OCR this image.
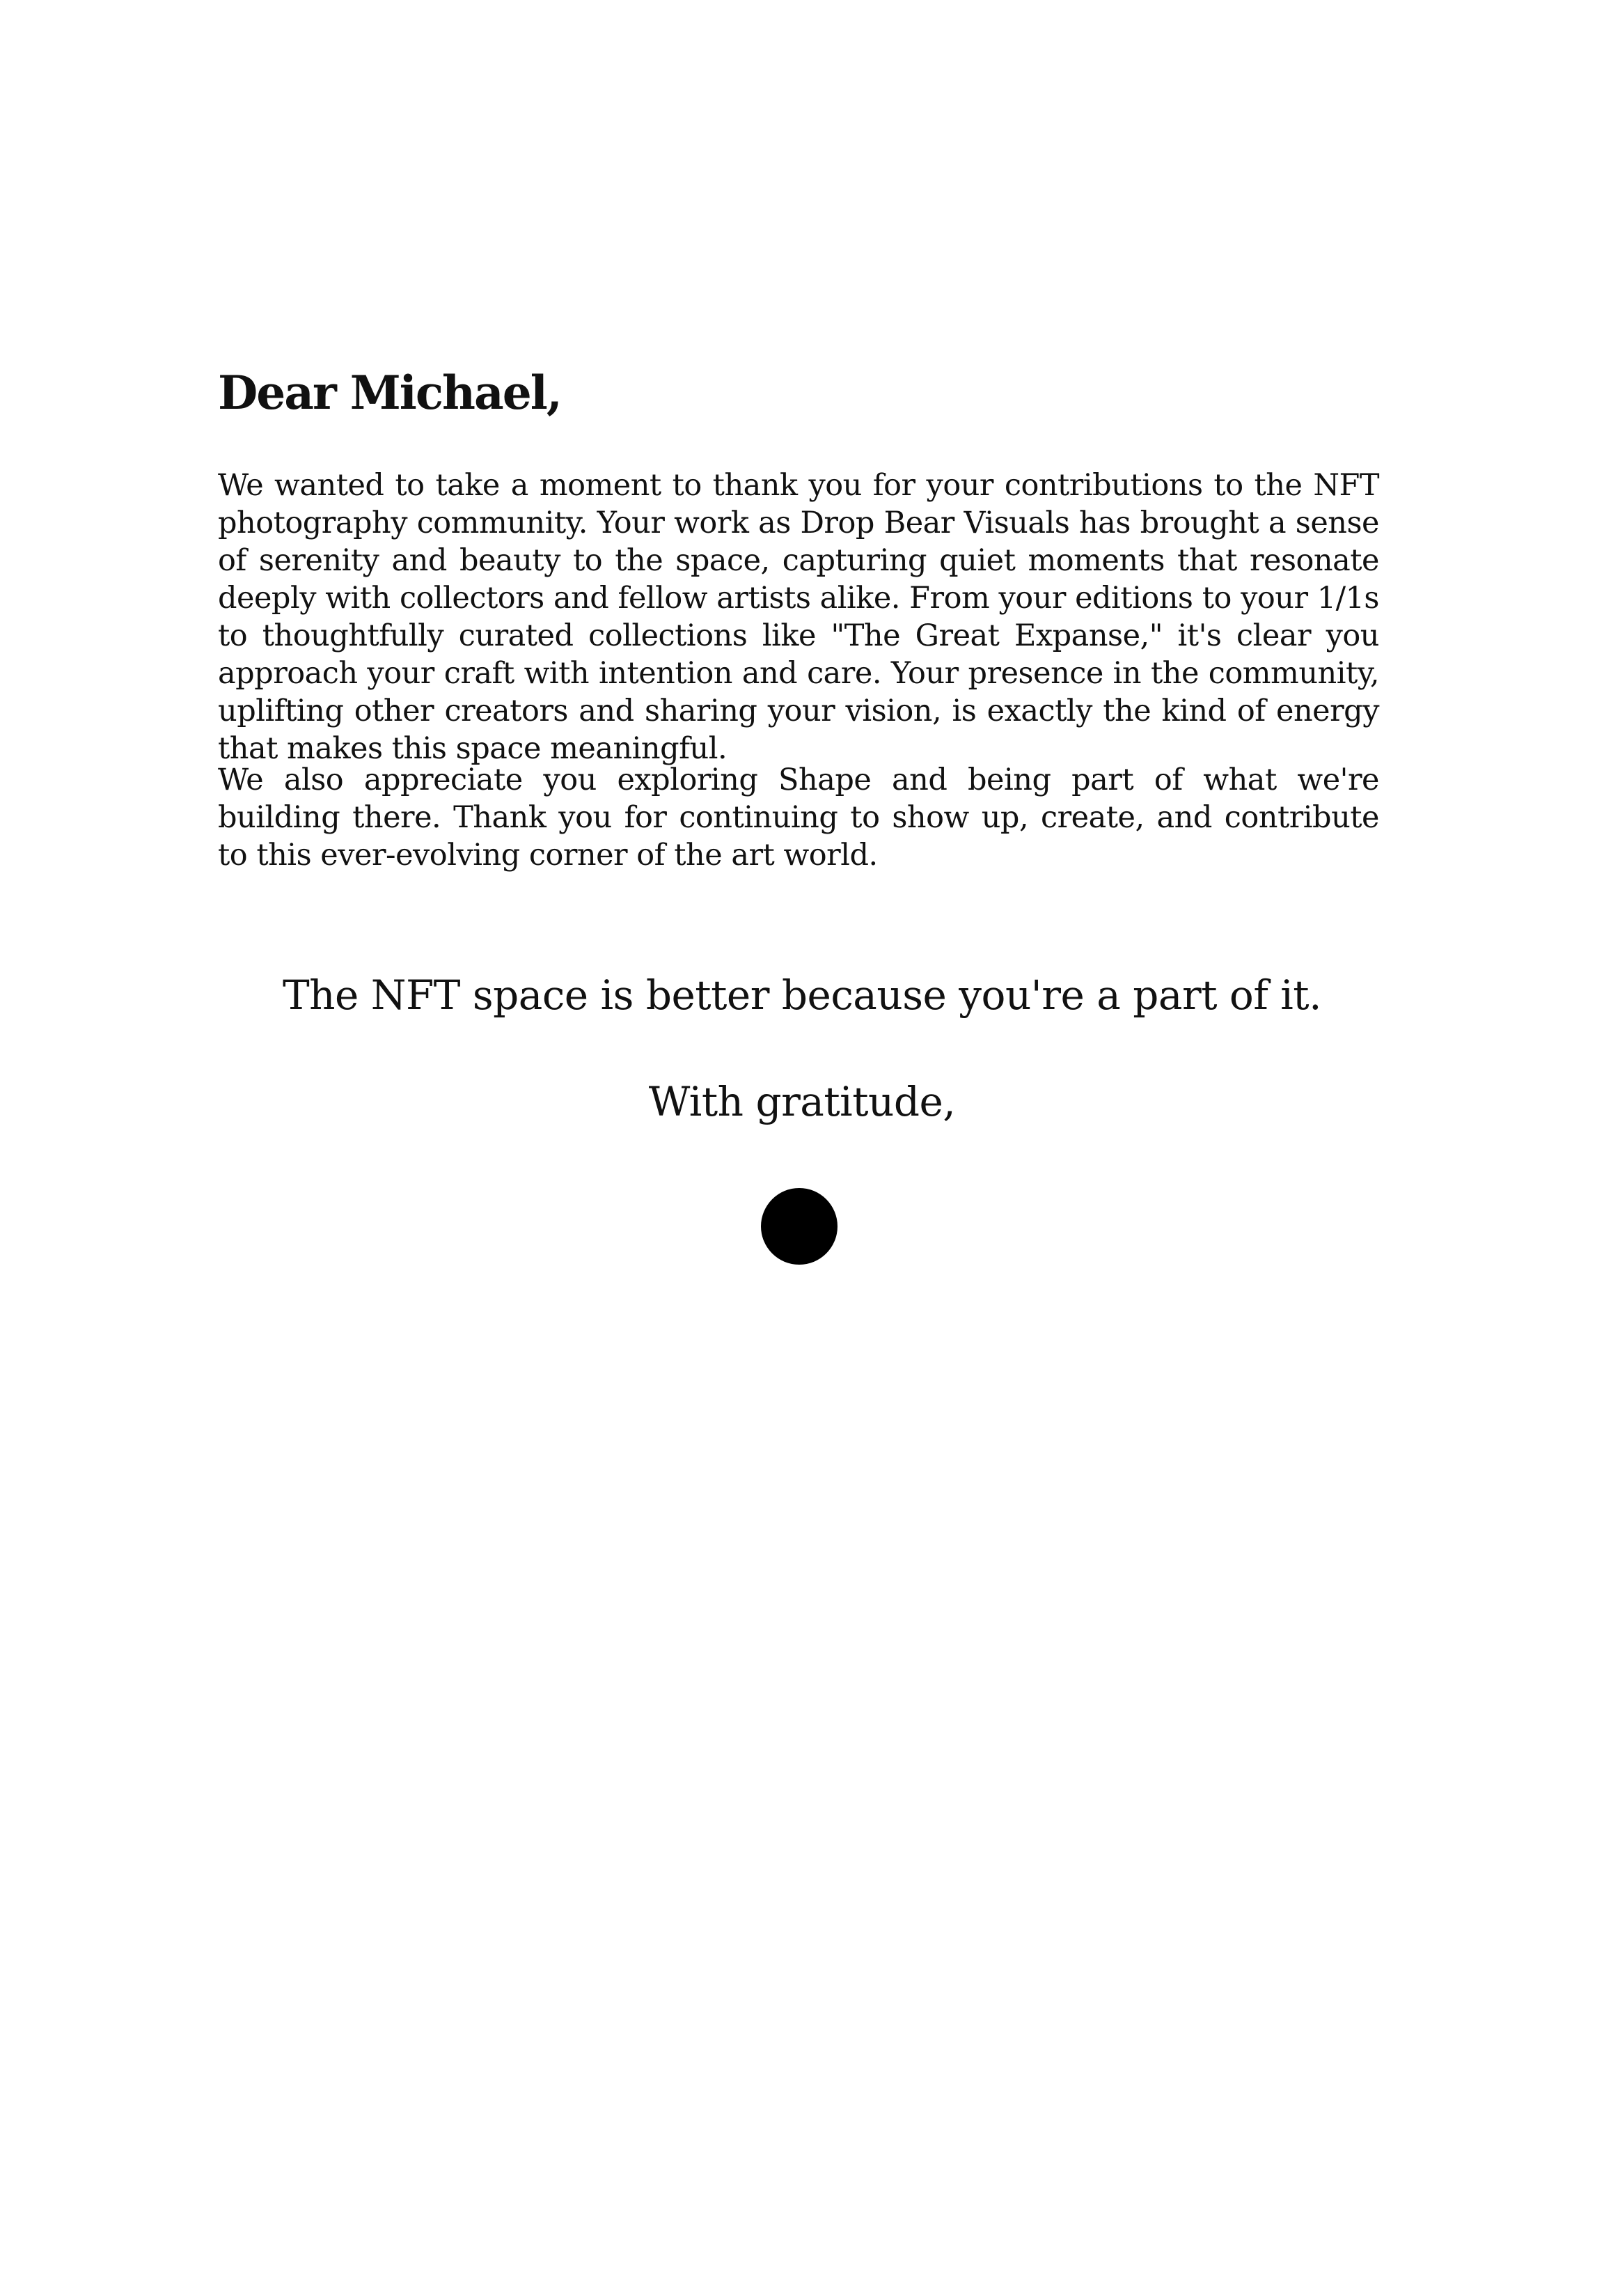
Dear Michael,

We wanted to take a moment to thank you for your contributions to the NFT photography community. Your work as Drop Bear Visuals has brought a sense of serenity and beauty to the space, capturing quiet moments that resonate deeply with collectors and fellow artists alike. From your editions to your 1/1s to thoughtfully curated collections like "The Great Expanse," it's clear you approach your craft with intention and care. Your presence in the community, uplifting other creators and sharing your vision, is exactly the kind of energy that makes this space meaningful.

We also appreciate you exploring Shape and being part of what we're building there. Thank you for continuing to show up, create, and contribute to this ever-evolving corner of the art world.

The NFT space is better because you're a part of it.

With gratitude,
